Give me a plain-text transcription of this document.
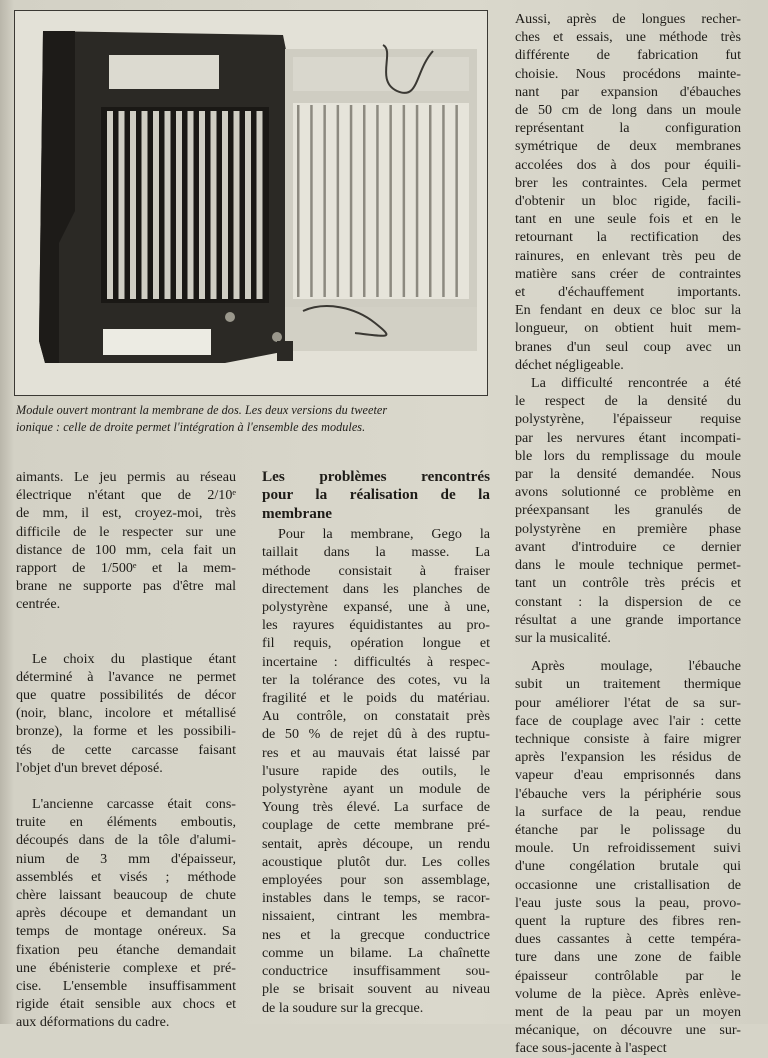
Module ouvert montrant la membrane de dos. Les deux versions du tweeter
ionique : celle de droite permet l'intégration à l'ensemble des modules.
aimants. Le jeu permis au réseau
électrique n'étant que de 2/10ᵉ
de mm, il est, croyez-moi, très
difficile de le respecter sur une
distance de 100 mm, cela fait un
rapport de 1/500ᵉ et la mem-
brane ne supporte pas d'être mal
centrée.
Le choix du plastique étant
déterminé à l'avance ne permet
que quatre possibilités de décor
(noir, blanc, incolore et métallisé
bronze), la forme et les possibili-
tés de cette carcasse faisant
l'objet d'un brevet déposé.
L'ancienne carcasse était cons-
truite en éléments emboutis,
découpés dans de la tôle d'alumi-
nium de 3 mm d'épaisseur,
assemblés et visés ; méthode
chère laissant beaucoup de chute
après découpe et demandant un
temps de montage onéreux. Sa
fixation peu étanche demandait
une ébénisterie complexe et pré-
cise. L'ensemble insuffisamment
rigide était sensible aux chocs et
aux déformations du cadre.
Les problèmes rencontrés
pour la réalisation de la
membrane
Pour la membrane, Gego la
taillait dans la masse. La
méthode consistait à fraiser
directement dans les planches de
polystyrène expansé, une à une,
les rayures équidistantes au pro-
fil requis, opération longue et
incertaine : difficultés à respec-
ter la tolérance des cotes, vu la
fragilité et le poids du matériau.
Au contrôle, on constatait près
de 50 % de rejet dû à des ruptu-
res et au mauvais état laissé par
l'usure rapide des outils, le
polystyrène ayant un module de
Young très élevé. La surface de
couplage de cette membrane pré-
sentait, après découpe, un rendu
acoustique plutôt dur. Les colles
employées pour son assemblage,
instables dans le temps, se racor-
nissaient, cintrant les membra-
nes et la grecque conductrice
comme un bilame. La chaînette
conductrice insuffisamment sou-
ple se brisait souvent au niveau
de la soudure sur la grecque.
Aussi, après de longues recher-
ches et essais, une méthode très
différente de fabrication fut
choisie. Nous procédons mainte-
nant par expansion d'ébauches
de 50 cm de long dans un moule
représentant la configuration
symétrique de deux membranes
accolées dos à dos pour équili-
brer les contraintes. Cela permet
d'obtenir un bloc rigide, facili-
tant en une seule fois et en le
retournant la rectification des
rainures, en enlevant très peu de
matière sans créer de contraintes
et d'échauffement importants.
En fendant en deux ce bloc sur la
longueur, on obtient huit mem-
branes d'un seul coup avec un
déchet négligeable.
La difficulté rencontrée a été
le respect de la densité du
polystyrène, l'épaisseur requise
par les nervures étant incompati-
ble lors du remplissage du moule
par la densité demandée. Nous
avons solutionné ce problème en
préexpansant les granulés de
polystyrène en première phase
avant d'introduire ce dernier
dans le moule technique permet-
tant un contrôle très précis et
constant : la dispersion de ce
résultat a une grande importance
sur la musicalité.
Après moulage, l'ébauche
subit un traitement thermique
pour améliorer l'état de sa sur-
face de couplage avec l'air : cette
technique consiste à faire migrer
après l'expansion les résidus de
vapeur d'eau emprisonnés dans
l'ébauche vers la périphérie sous
la surface de la peau, rendue
étanche par le polissage du
moule. Un refroidissement suivi
d'une congélation brutale qui
occasionne une cristallisation de
l'eau juste sous la peau, provo-
quent la rupture des fibres ren-
dues cassantes à cette tempéra-
ture dans une zone de faible
épaisseur contrôlable par le
volume de la pièce. Après enlève-
ment de la peau par un moyen
mécanique, on découvre une sur-
face sous-jacente à l'aspect
